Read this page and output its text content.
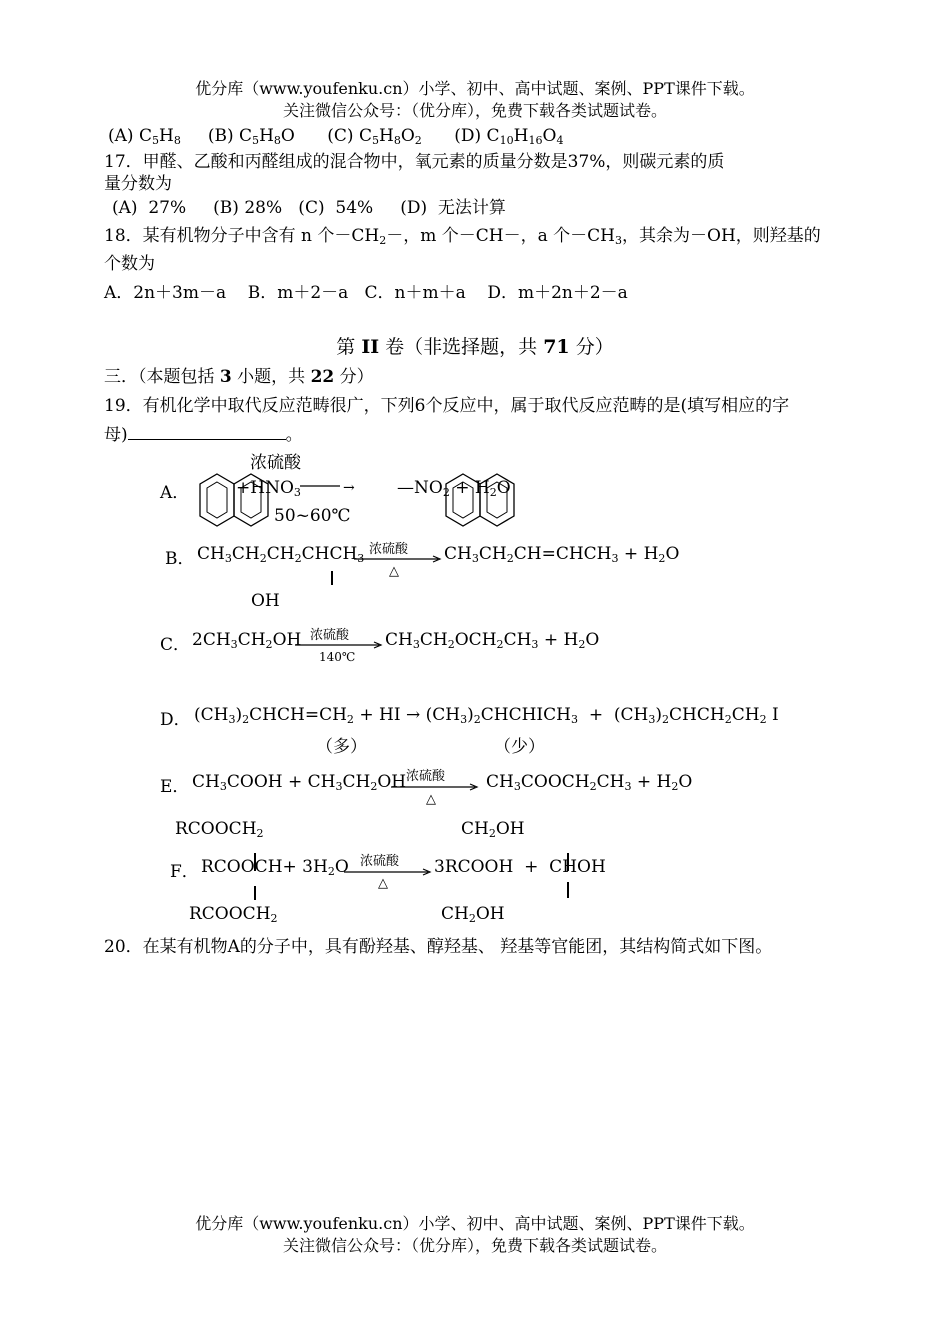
优分库（www.youfenku.cn）小学、初中、高中试题、案例、PPT课件下载。
关注微信公众号：（优分库），免费下载各类试题试卷。
(A) $C_5H_8$     (B) $C_5H_8O$      (C) $C_5H_8O_2$      (D) $C_{10}H_{16}O_4$
17．甲醛、乙酸和丙醛组成的混合物中，氧元素的质量分数是37%，则碳元素的质
量分数为
(A)  27%     (B) 28%   (C)  54%     (D)  无法计算
18．某有机物分子中含有 n 个$-CH_2-$，m 个－CH－，a 个$-CH_3$，其余为－OH，则羟基的
个数为
A．2n＋3m－a    B．m＋2－a   C．n＋m＋a    D．m＋2n＋2－a
第 II 卷（非选择题，共 71 分）
三．（本题包括 3 小题，共 22 分）
19．有机化学中取代反应范畴很广，下列6个反应中，属于取代反应范畴的是(填写相应的字
母)	。
浓硫酸
A．	$+HNO_3$	→
50~60℃
$—NO_2 + H_2O$
B． $CH_3CH_2CH_2CHCH_3$
浓硫酸
△
$CH_3CH_2CH=CHCH_3 + H_2O$
OH
C． $2CH_3CH_2OH$ 浓硫酸
140℃
$CH_3CH_2OCH_2CH_3 + H_2O$
D． $(CH_3)_2CHCH=CH_2$ + HI → $(CH_3)_2CHCHICH_3$  +  $(CH_3)_2CHCH_2CH_2$ I
（多）	（少）
E． $CH_3COOH + CH_3CH_2OH$ 浓硫酸
△
$CH_3COOCH_2CH_3 + H_2O$
$RCOOCH_2$	$CH_2OH$
F． RCOOCH+ $3H_2O$ 浓硫酸
△
3RCOOH  +  CHOH
$RCOOCH_2$	$CH_2OH$
20．在某有机物A的分子中，具有酚羟基、醇羟基、 羟基等官能团，其结构简式如下图。
优分库（www.youfenku.cn）小学、初中、高中试题、案例、PPT课件下载。
关注微信公众号：（优分库），免费下载各类试题试卷。
